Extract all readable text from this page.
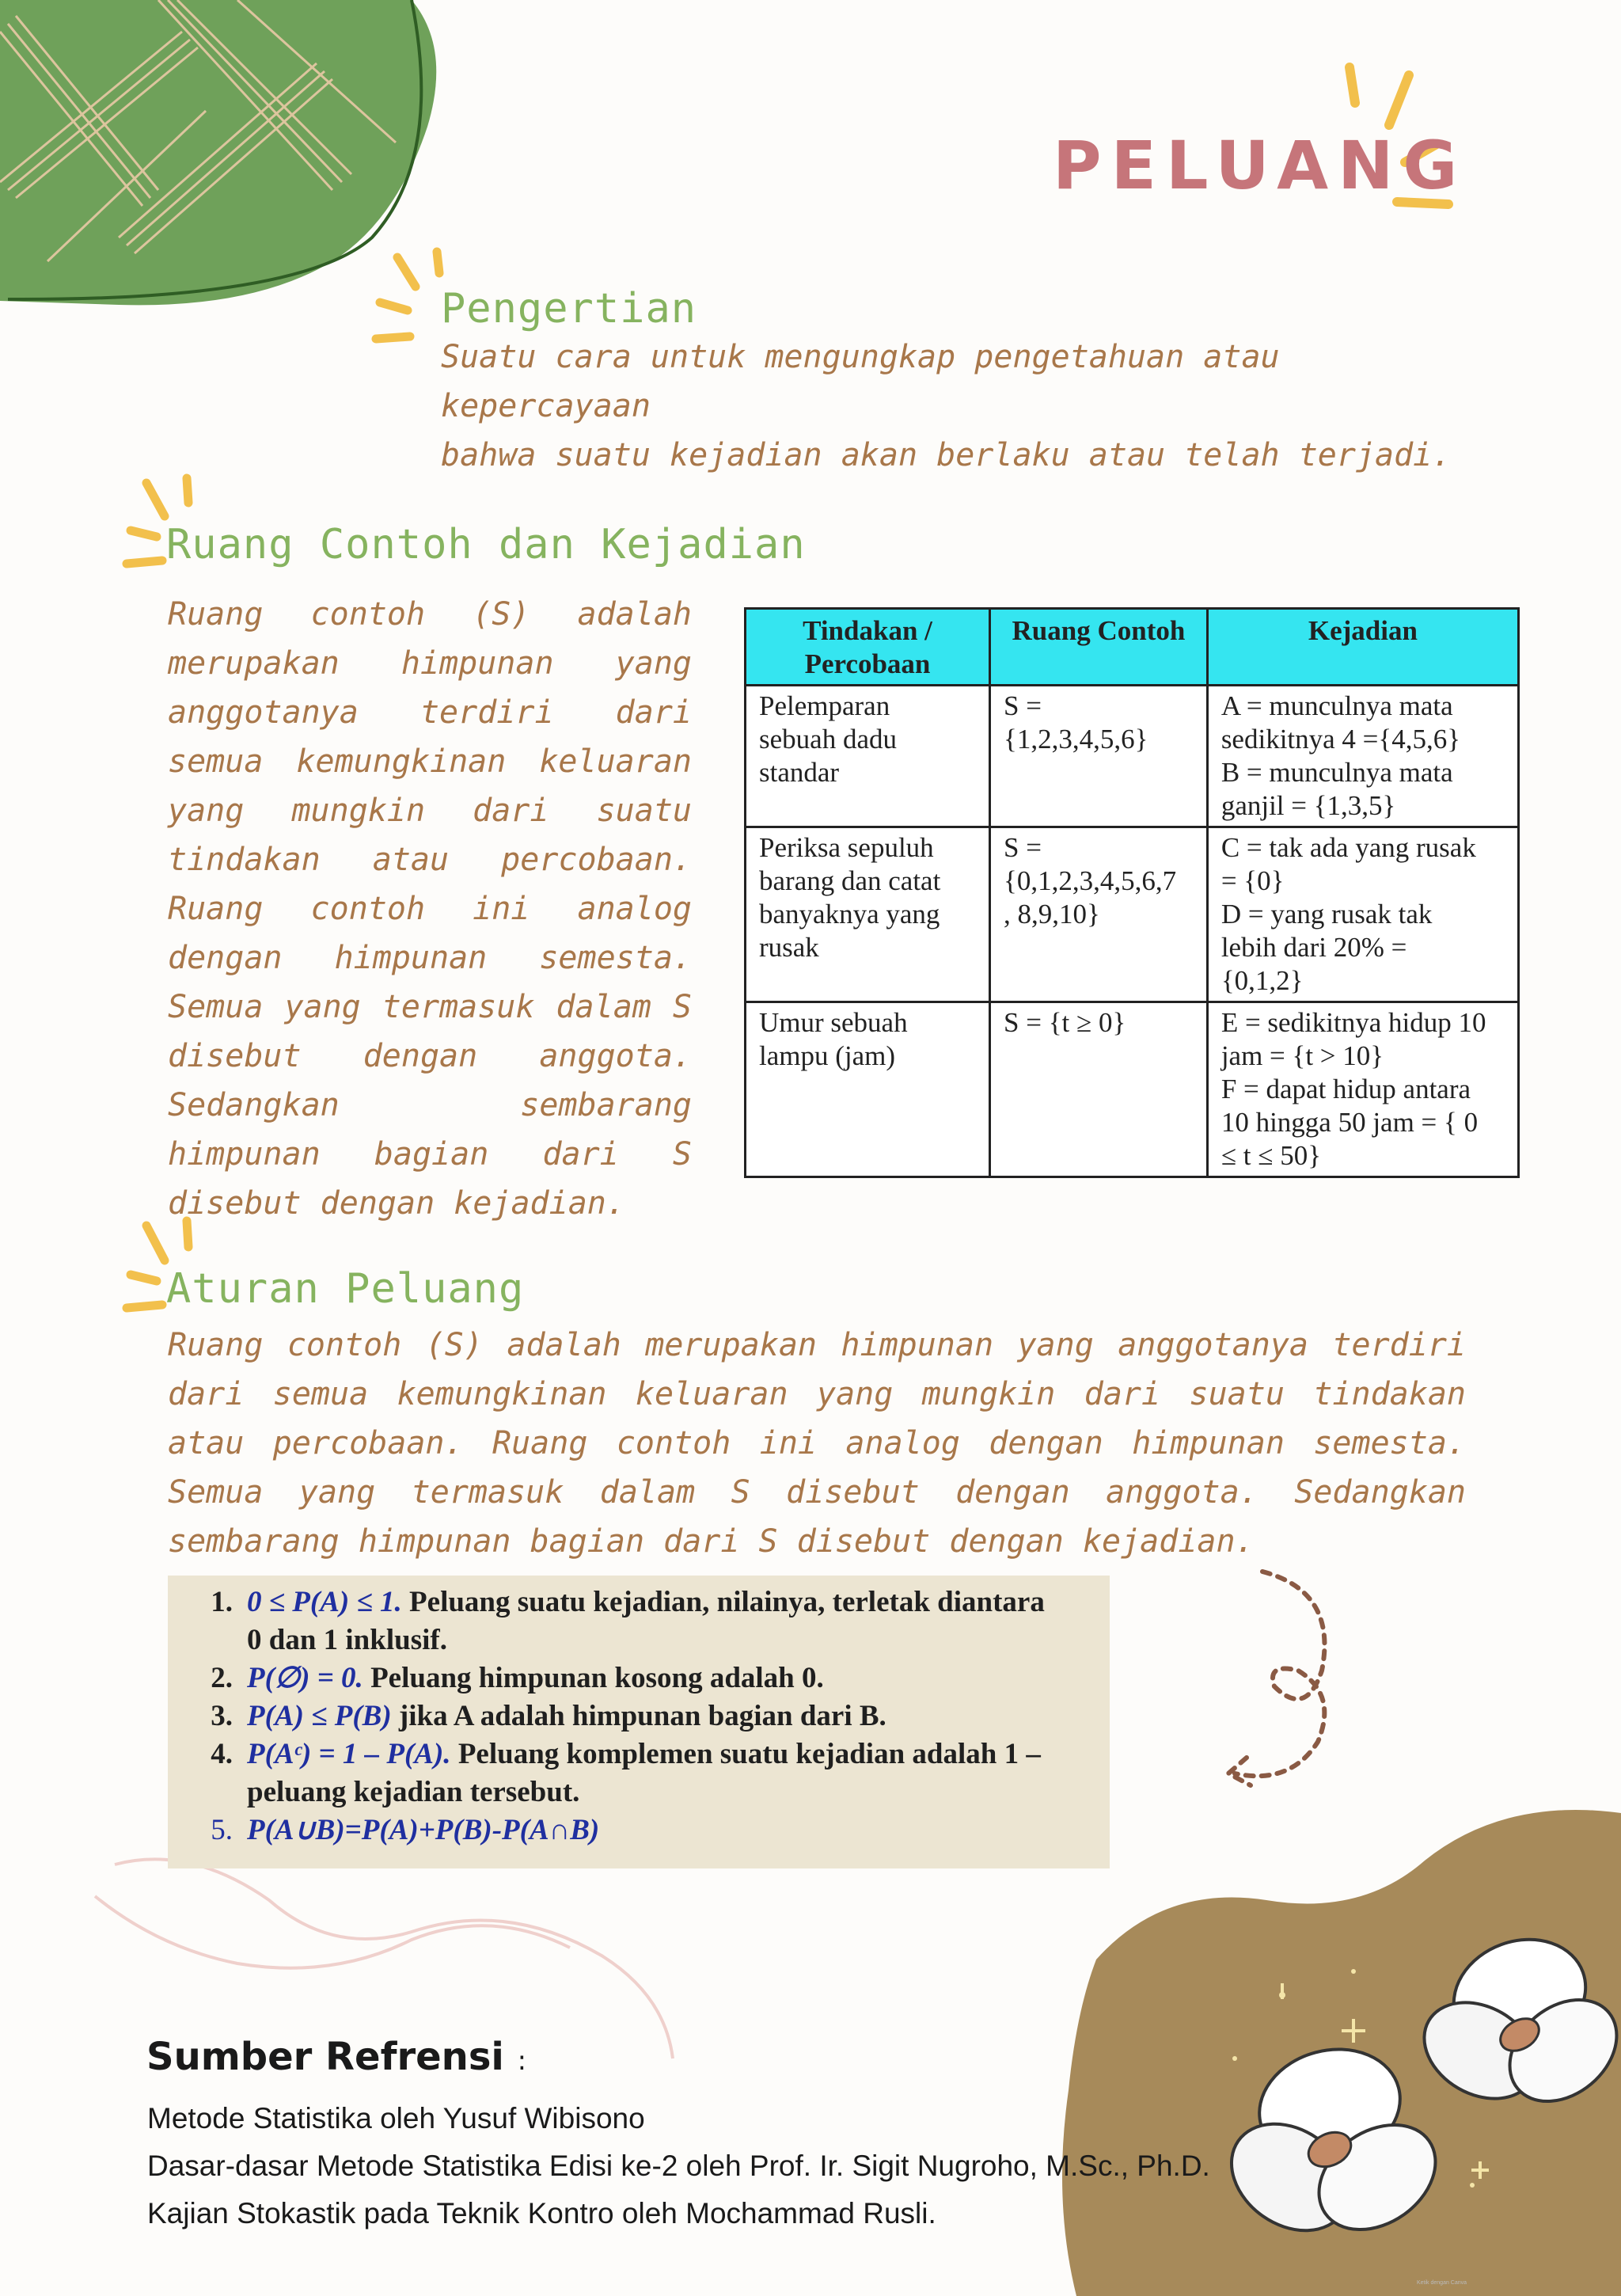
PELUANG
Pengertian
Suatu cara untuk mengungkap pengetahuan atau kepercayaan
bahwa suatu kejadian akan berlaku atau telah terjadi.
Ruang Contoh dan Kejadian
Ruang contoh (S) adalah merupakan himpunan yang anggotanya terdiri dari semua kemungkinan keluaran yang mungkin dari suatu tindakan atau percobaan. Ruang contoh ini analog dengan himpunan semesta. Semua yang termasuk dalam S disebut dengan anggota. Sedangkan sembarang himpunan bagian dari S disebut dengan kejadian.
Tindakan / Percobaan	Ruang Contoh	Kejadian

Pelemparan
sebuah dadu
standar	S =
{1,2,3,4,5,6}	A = munculnya mata
sedikitnya 4 ={4,5,6}
B = munculnya mata
ganjil = {1,3,5}

Periksa sepuluh
barang dan catat
banyaknya yang
rusak	S =
{0,1,2,3,4,5,6,7
, 8,9,10}	C = tak ada yang rusak
= {0}
D = yang rusak tak
lebih dari 20% =
{0,1,2}

Umur sebuah
lampu (jam)	S = {t ≥ 0}	E = sedikitnya hidup 10
jam = {t > 10}
F = dapat hidup antara
10 hingga 50 jam = { 0
≤ t ≤ 50}
Aturan Peluang
Ruang contoh (S) adalah merupakan himpunan yang anggotanya terdiri dari semua kemungkinan keluaran yang mungkin dari suatu tindakan atau percobaan. Ruang contoh ini analog dengan himpunan semesta. Semua yang termasuk dalam S disebut dengan anggota. Sedangkan sembarang himpunan bagian dari S disebut dengan kejadian.
1. 0 ≤ P(A) ≤ 1. Peluang suatu kejadian, nilainya, terletak diantara
0 dan 1 inklusif.
2. P(∅) = 0. Peluang himpunan kosong adalah 0.
3. P(A) ≤ P(B) jika A adalah himpunan bagian dari B.
4. P(Aᶜ) = 1 – P(A). Peluang komplemen suatu kejadian adalah 1 –
peluang kejadian tersebut.
5. P(A∪B)=P(A)+P(B)-P(A∩B)
Sumber Refrensi :
Metode Statistika oleh Yusuf Wibisono
Dasar-dasar Metode Statistika Edisi ke-2 oleh Prof. Ir. Sigit Nugroho, M.Sc., Ph.D.
Kajian Stokastik pada Teknik Kontro oleh Mochammad Rusli.
Ketik dengan Canva
